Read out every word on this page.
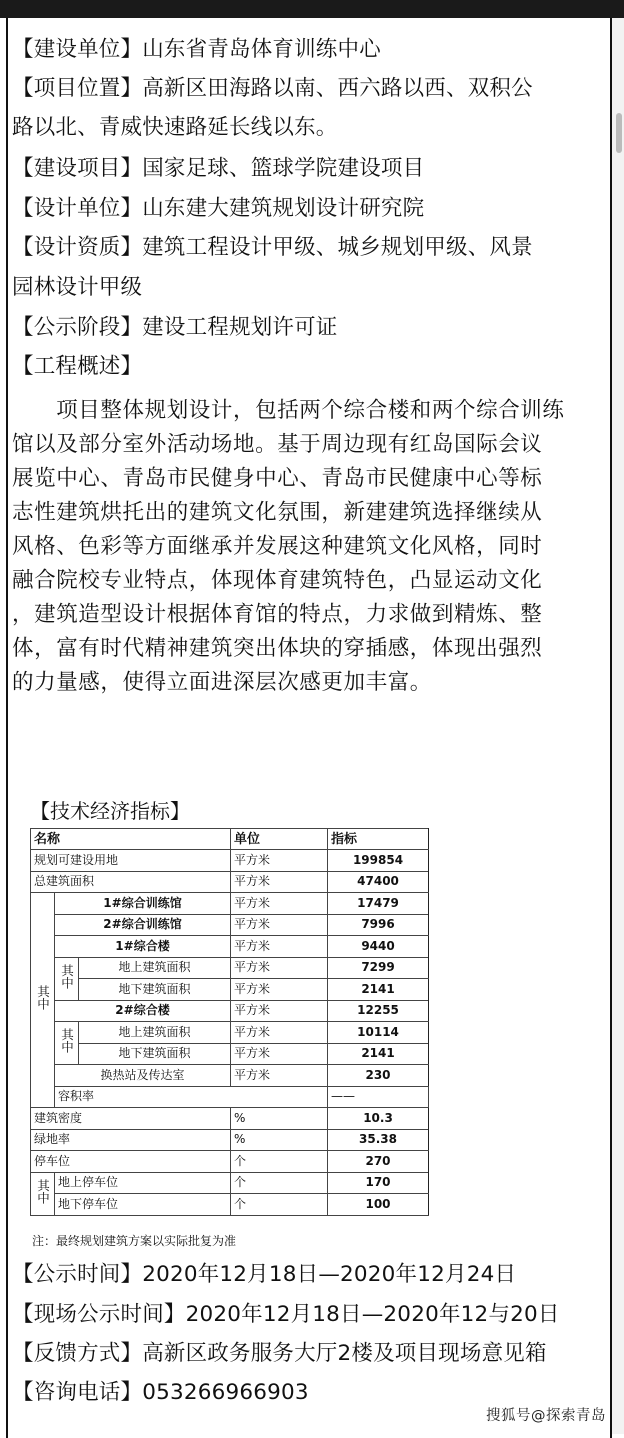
【建设单位】山东省青岛体育训练中心
【项目位置】高新区田海路以南、西六路以西、双积公
路以北、青威快速路延长线以东。
【建设项目】国家足球、篮球学院建设项目
【设计单位】山东建大建筑规划设计研究院
【设计资质】建筑工程设计甲级、城乡规划甲级、风景
园林设计甲级
【公示阶段】建设工程规划许可证
【工程概述】
　　项目整体规划设计，包括两个综合楼和两个综合训练
馆以及部分室外活动场地。基于周边现有红岛国际会议
展览中心、青岛市民健身中心、青岛市民健康中心等标
志性建筑烘托出的建筑文化氛围，新建建筑选择继续从
风格、色彩等方面继承并发展这种建筑文化风格，同时
融合院校专业特点，体现体育建筑特色，凸显运动文化
，建筑造型设计根据体育馆的特点，力求做到精炼、整
体，富有时代精神建筑突出体块的穿插感，体现出强烈
的力量感，使得立面进深层次感更加丰富。
【技术经济指标】
名称			单位	指标	
规划可建设用地			平方米	199854	
总建筑面积			平方米	47400	
其中	1#综合训练馆		平方米	17479	
	2#综合训练馆		平方米	7996	
	1#综合楼		平方米	9440	
	其中	地上建筑面积	平方米	7299	
		地下建筑面积	平方米	2141	
	2#综合楼		平方米	12255	
	其中	地上建筑面积	平方米	10114	
		地下建筑面积	平方米	2141	
	换热站及传达室		平方米	230	
	容积率			——	
建筑密度			%	10.3	
绿地率			%	35.38	
停车位			个	270	
其中	地上停车位		个	170	
	地下停车位		个	100	
注：最终规划建筑方案以实际批复为准
【公示时间】2020年12月18日—2020年12月24日
【现场公示时间】2020年12月18日—2020年12与20日
【反馈方式】高新区政务服务大厅2楼及项目现场意见箱
【咨询电话】053266966903
搜狐号@探索青岛
